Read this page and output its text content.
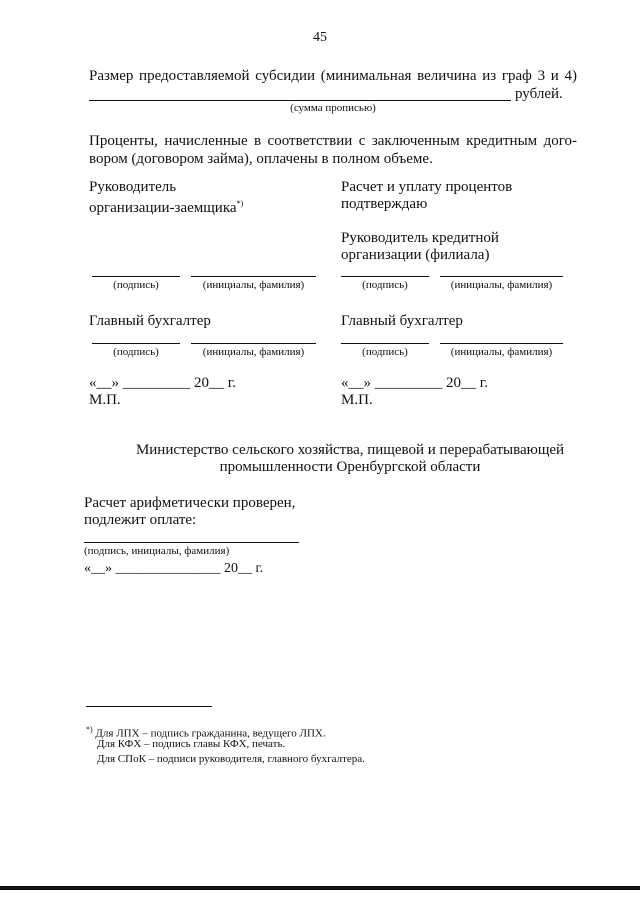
45
Размер предоставляемой субсидии (минимальная величина из граф 3 и 4)
рублей.
(сумма прописью)
Проценты, начисленные в соответствии с заключенным кредитным дого-
вором (договором займа), оплачены в полном объеме.
Руководитель
организации-заемщика*)
Расчет и уплату процентов
подтверждаю
Руководитель кредитной
организации (филиала)
(подпись)	(инициалы, фамилия)	(подпись)	(инициалы, фамилия)
Главный бухгалтер	Главный бухгалтер
(подпись)	(инициалы, фамилия)	(подпись)	(инициалы, фамилия)
«__» _________ 20__ г.
М.П.
«__» _________ 20__ г.
М.П.
Министерство сельского хозяйства, пищевой и перерабатывающей
промышленности Оренбургской области
Расчет арифметически проверен,
подлежит оплате:
(подпись, инициалы, фамилия)
«__» _______________ 20__ г.
*) Для ЛПХ – подпись гражданина, ведущего ЛПХ.
Для КФХ – подпись главы КФХ, печать.
Для СПоК – подписи руководителя, главного бухгалтера.
